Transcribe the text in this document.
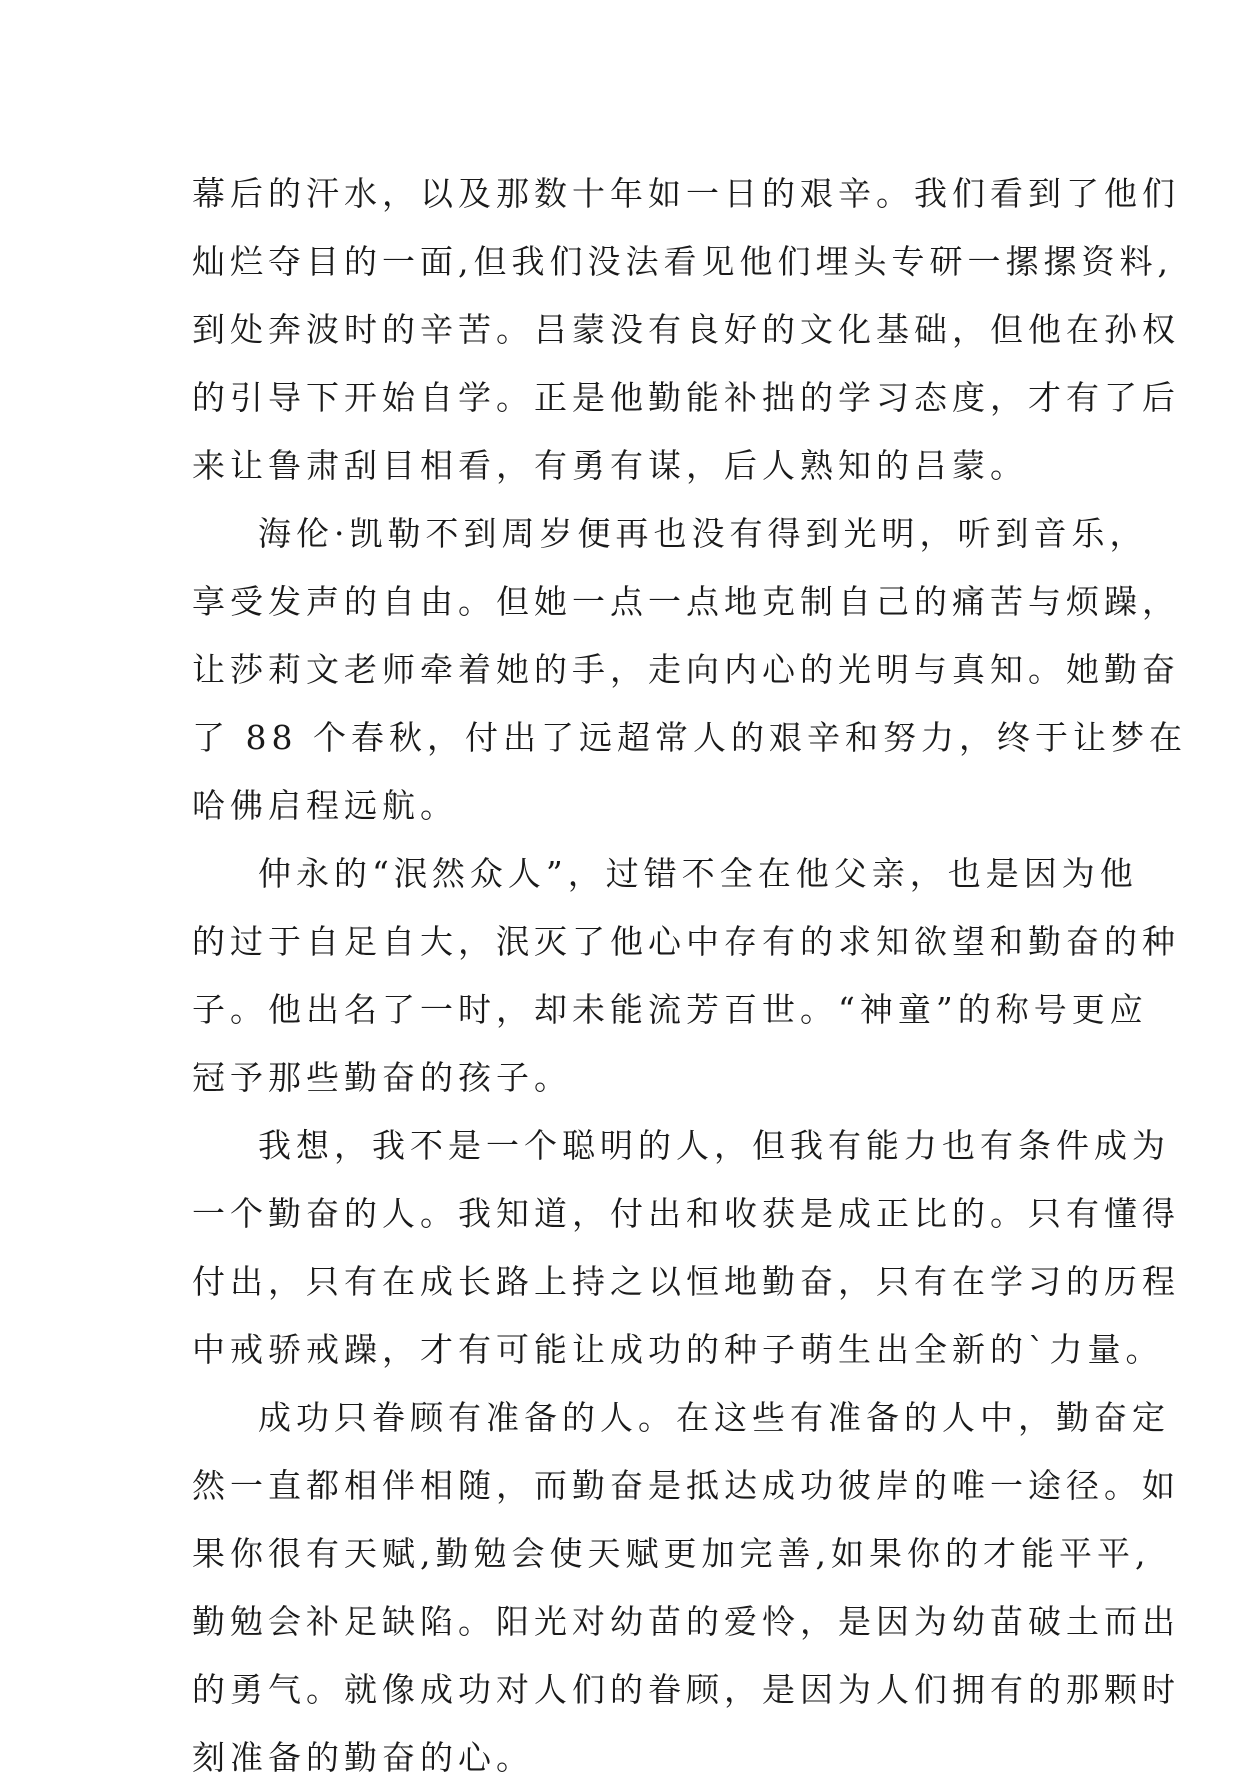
幕后的汗水，以及那数十年如一日的艰辛。我们看到了他们
灿烂夺目的一面,但我们没法看见他们埋头专研一摞摞资料,
到处奔波时的辛苦。吕蒙没有良好的文化基础，但他在孙权
的引导下开始自学。正是他勤能补拙的学习态度，才有了后
来让鲁肃刮目相看，有勇有谋，后人熟知的吕蒙。
海伦·凯勒不到周岁便再也没有得到光明，听到音乐，
享受发声的自由。但她一点一点地克制自己的痛苦与烦躁，
让莎莉文老师牵着她的手，走向内心的光明与真知。她勤奋
了 88 个春秋，付出了远超常人的艰辛和努力，终于让梦在
哈佛启程远航。
仲永的“泯然众人”，过错不全在他父亲，也是因为他
的过于自足自大，泯灭了他心中存有的求知欲望和勤奋的种
子。他出名了一时，却未能流芳百世。“神童”的称号更应
冠予那些勤奋的孩子。
我想，我不是一个聪明的人，但我有能力也有条件成为
一个勤奋的人。我知道，付出和收获是成正比的。只有懂得
付出，只有在成长路上持之以恒地勤奋，只有在学习的历程
中戒骄戒躁，才有可能让成功的种子萌生出全新的`力量。
成功只眷顾有准备的人。在这些有准备的人中，勤奋定
然一直都相伴相随，而勤奋是抵达成功彼岸的唯一途径。如
果你很有天赋,勤勉会使天赋更加完善,如果你的才能平平,
勤勉会补足缺陷。阳光对幼苗的爱怜，是因为幼苗破土而出
的勇气。就像成功对人们的眷顾，是因为人们拥有的那颗时
刻准备的勤奋的心。
